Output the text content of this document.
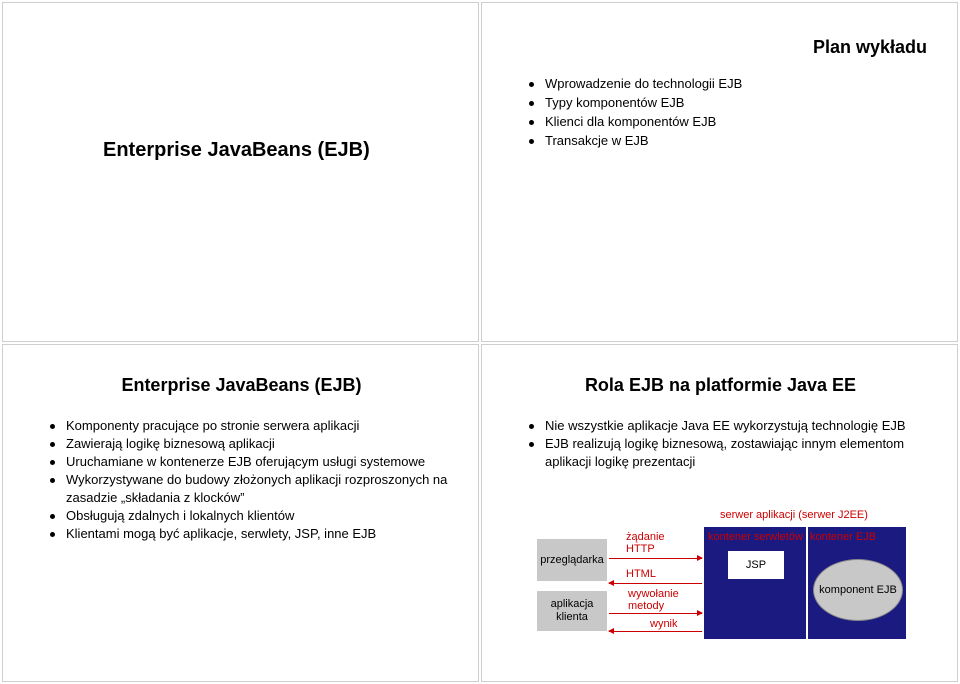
Enterprise JavaBeans (EJB)
Plan wykładu
Wprowadzenie do technologii EJB
Typy komponentów EJB
Klienci dla komponentów EJB
Transakcje w EJB
Enterprise JavaBeans (EJB)
Komponenty pracujące po stronie serwera aplikacji
Zawierają logikę biznesową aplikacji
Uruchamiane w kontenerze EJB oferującym usługi systemowe
Wykorzystywane do budowy złożonych aplikacji rozproszonych na zasadzie „składania z klocków”
Obsługują zdalnych i lokalnych klientów
Klientami mogą być aplikacje, serwlety, JSP, inne EJB
Rola EJB na platformie Java EE
Nie wszystkie aplikacje Java EE wykorzystują technologię EJB
EJB realizują logikę biznesową, zostawiając innym elementom aplikacji logikę prezentacji
serwer aplikacji (serwer J2EE)
przeglądarka
aplikacja klienta
żądanie HTTP
HTML
wywołanie metody
wynik
kontener serwletów
JSP
kontener EJB
komponent EJB
